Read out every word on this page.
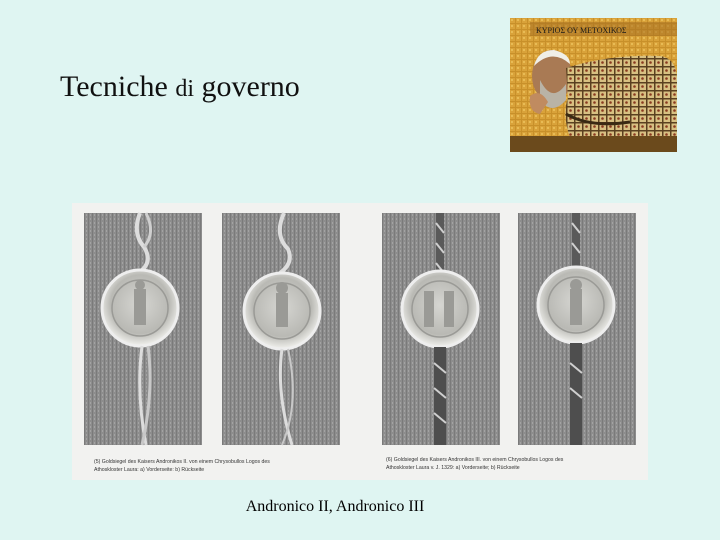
Tecniche di governo
ΚΥΡΙΟΣ ΟΥ ΜΕΤΟΧΙΚΟΣ
(5) Goldsiegel des Kaisers Andronikos II. von einem Chrysobullos Logos des
Athoskloster Laura: a) Vorderseite: b) Rückseite
(6) Goldsiegel des Kaisers Andronikos III. von einem Chrysobullos Logos des
Athoskloster Laura v. J. 1329: a) Vorderseite; b) Rückseite
Andronico II, Andronico III
